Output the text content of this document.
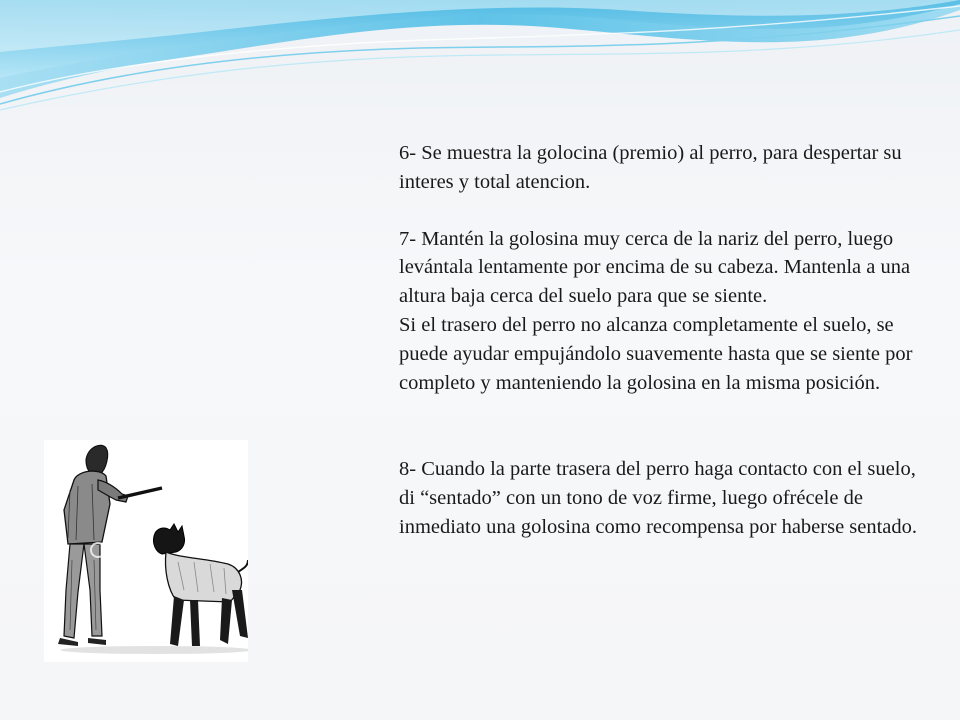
iStock

6- Se muestra la golocina (premio) al perro, para despertar su interes y total atencion.

7- Mantén la golosina muy cerca de la nariz del perro, luego levántala lentamente por encima de su cabeza. Mantenla a una altura baja cerca del suelo para que se siente.

Si el trasero del perro no alcanza completamente el suelo, se puede ayudar empujándolo suavemente hasta que se siente por completo y manteniendo la golosina en la misma posición.

8- Cuando la parte trasera del perro haga contacto con el suelo, di “sentado” con un tono de voz firme, luego ofrécele de inmediato una golosina como recompensa por haberse sentado.
